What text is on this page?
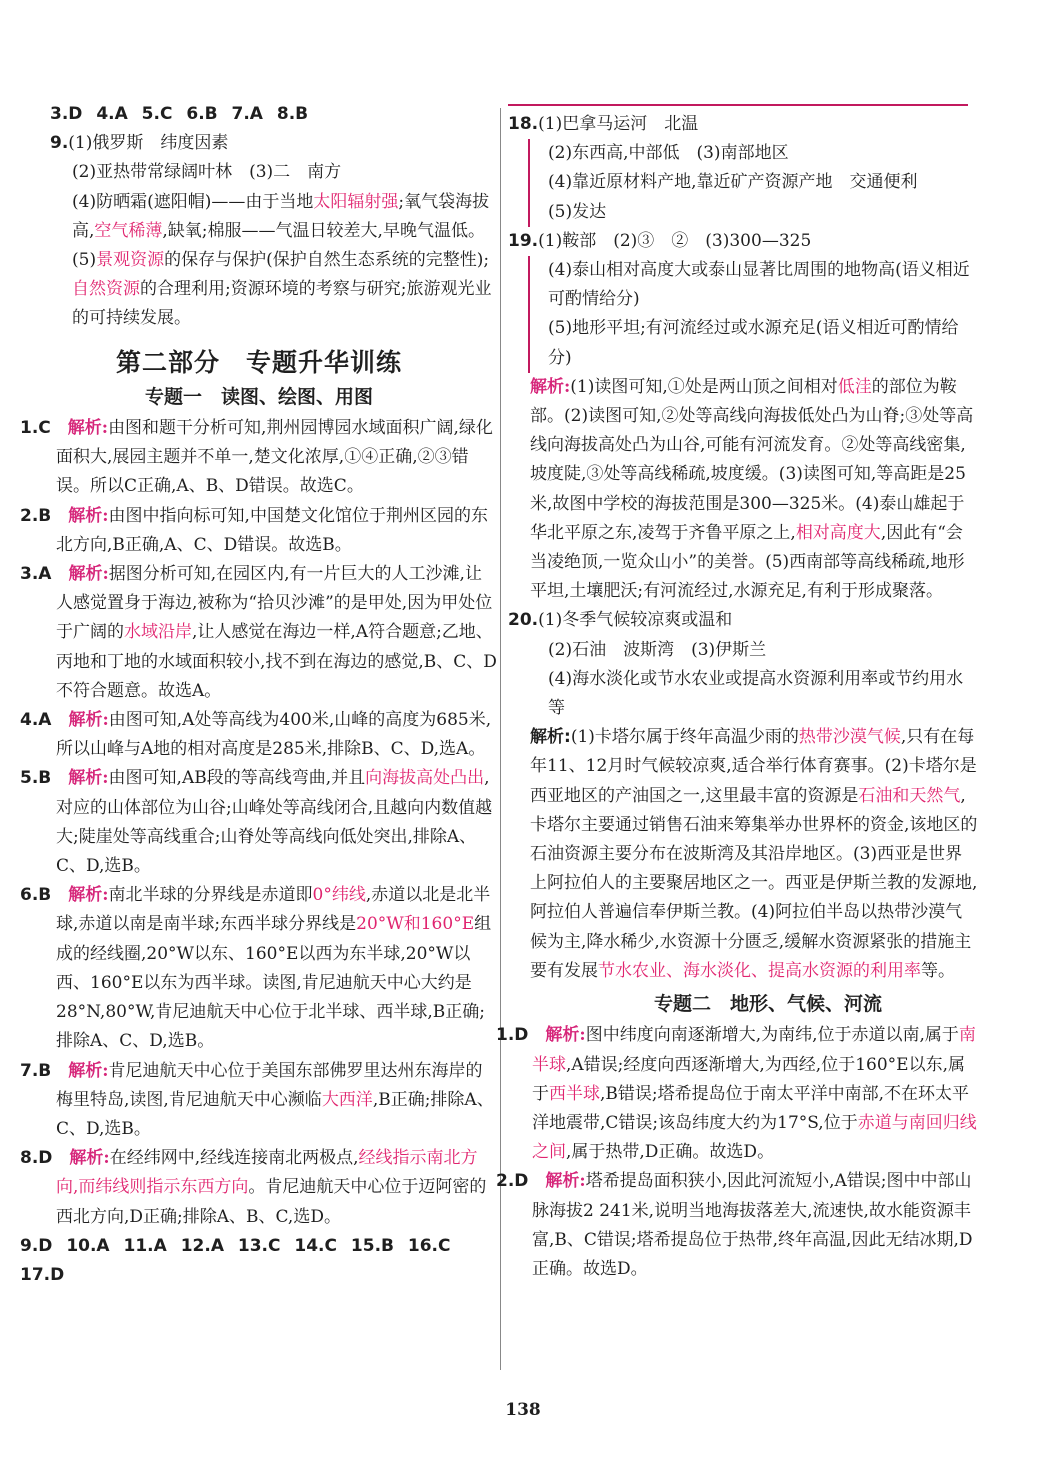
3.D 4.A 5.C 6.B 7.A 8.B

9.(1)俄罗斯　纬度因素

(2)亚热带常绿阔叶林　(3)二　南方

(4)防晒霜(遮阳帽)——由于当地太阳辐射强;氧气袋海拔高,空气稀薄,缺氧;棉服——气温日较差大,早晚气温低。

(5)景观资源的保存与保护(保护自然生态系统的完整性);自然资源的合理利用;资源环境的考察与研究;旅游观光业的可持续发展。

第二部分　专题升华训练
专题一　读图、绘图、用图

1.C　 解析:由图和题干分析可知,荆州园博园水域面积广阔,绿化面积大,展园主题并不单一,楚文化浓厚,①④正确,②③错误。所以C正确,A、B、D错误。故选C。

2.B　 解析:由图中指向标可知,中国楚文化馆位于荆州区园的东北方向,B正确,A、C、D错误。故选B。

3.A　 解析:据图分析可知,在园区内,有一片巨大的人工沙滩,让人感觉置身于海边,被称为“拾贝沙滩”的是甲处,因为甲处位于广阔的水域沿岸,让人感觉在海边一样,A符合题意;乙地、丙地和丁地的水域面积较小,找不到在海边的感觉,B、C、D不符合题意。故选A。

4.A　 解析:由图可知,A处等高线为400米,山峰的高度为685米,所以山峰与A地的相对高度是285米,排除B、C、D,选A。

5.B　 解析:由图可知,AB段的等高线弯曲,并且向海拔高处凸出,对应的山体部位为山谷;山峰处等高线闭合,且越向内数值越大;陡崖处等高线重合;山脊处等高线向低处突出,排除A、C、D,选B。

6.B　 解析:南北半球的分界线是赤道即0°纬线,赤道以北是北半球,赤道以南是南半球;东西半球分界线是20°W和160°E组成的经线圈,20°W以东、160°E以西为东半球,20°W以西、160°E以东为西半球。读图,肯尼迪航天中心大约是28°N,80°W,肯尼迪航天中心位于北半球、西半球,B正确;排除A、C、D,选B。

7.B　 解析:肯尼迪航天中心位于美国东部佛罗里达州东海岸的梅里特岛,读图,肯尼迪航天中心濒临大西洋,B正确;排除A、C、D,选B。

8.D　 解析:在经纬网中,经线连接南北两极点,经线指示南北方向,而纬线则指示东西方向。肯尼迪航天中心位于迈阿密的西北方向,D正确;排除A、B、C,选D。

9.D 10.A 11.A 12.A 13.C 14.C 15.B 16.C

17.D

18.(1)巴拿马运河　北温

(2)东西高,中部低　(3)南部地区

(4)靠近原材料产地,靠近矿产资源产地　交通便利

(5)发达

19.(1)鞍部　(2)③　②　(3)300—325

(4)泰山相对高度大或泰山显著比周围的地物高(语义相近可酌情给分)

(5)地形平坦;有河流经过或水源充足(语义相近可酌情给分)

解析:(1)读图可知,①处是两山顶之间相对低洼的部位为鞍部。(2)读图可知,②处等高线向海拔低处凸为山脊;③处等高线向海拔高处凸为山谷,可能有河流发育。②处等高线密集,坡度陡,③处等高线稀疏,坡度缓。(3)读图可知,等高距是25米,故图中学校的海拔范围是300—325米。(4)泰山雄起于华北平原之东,凌驾于齐鲁平原之上,相对高度大,因此有“会当凌绝顶,一览众山小”的美誉。(5)西南部等高线稀疏,地形平坦,土壤肥沃;有河流经过,水源充足,有利于形成聚落。

20.(1)冬季气候较凉爽或温和

(2)石油　波斯湾　(3)伊斯兰

(4)海水淡化或节水农业或提高水资源利用率或节约用水等

解析:(1)卡塔尔属于终年高温少雨的热带沙漠气候,只有在每年11、12月时气候较凉爽,适合举行体育赛事。(2)卡塔尔是西亚地区的产油国之一,这里最丰富的资源是石油和天然气,卡塔尔主要通过销售石油来筹集举办世界杯的资金,该地区的石油资源主要分布在波斯湾及其沿岸地区。(3)西亚是世界上阿拉伯人的主要聚居地区之一。西亚是伊斯兰教的发源地,阿拉伯人普遍信奉伊斯兰教。(4)阿拉伯半岛以热带沙漠气候为主,降水稀少,水资源十分匮乏,缓解水资源紧张的措施主要有发展节水农业、海水淡化、提高水资源的利用率等。

专题二　地形、气候、河流

1.D　 解析:图中纬度向南逐渐增大,为南纬,位于赤道以南,属于南半球,A错误;经度向西逐渐增大,为西经,位于160°E以东,属于西半球,B错误;塔希提岛位于南太平洋中南部,不在环太平洋地震带,C错误;该岛纬度大约为17°S,位于赤道与南回归线之间,属于热带,D正确。故选D。

2.D　 解析:塔希提岛面积狭小,因此河流短小,A错误;图中中部山脉海拔2 241米,说明当地海拔落差大,流速快,故水能资源丰富,B、C错误;塔希提岛位于热带,终年高温,因此无结冰期,D正确。故选D。

138
